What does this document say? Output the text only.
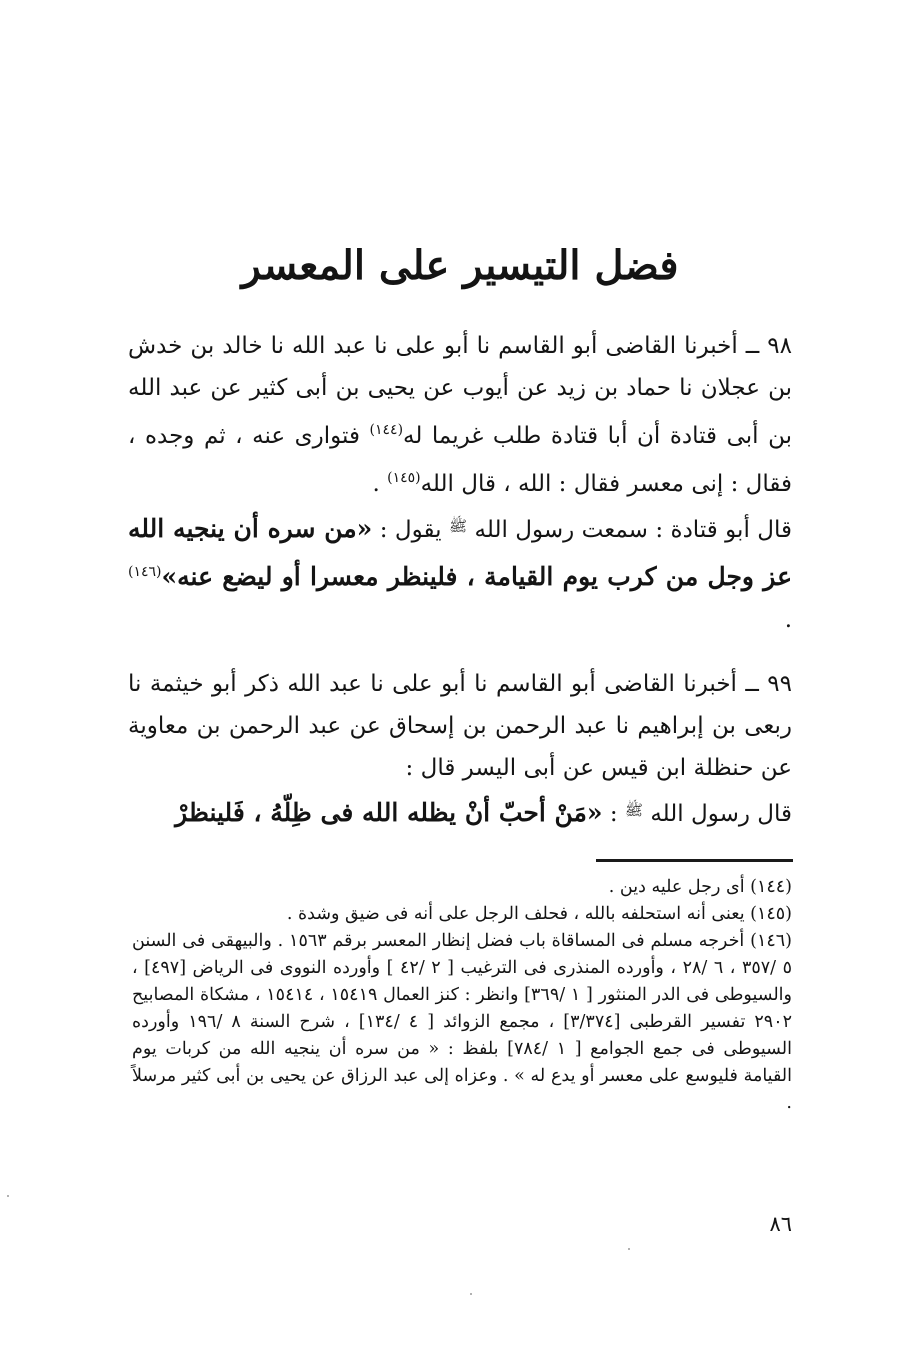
فضل التيسير على المعسر

٩٨ ــ أخبرنا القاضى أبو القاسم نا أبو على نا عبد الله نا خالد بن خدش بن عجلان نا حماد بن زيد عن أيوب عن يحيى بن أبى كثير عن عبد الله بن أبى قتادة أن أبا قتادة طلب غريما له$^{(١٤٤)}$ فتوارى عنه ، ثم وجده ، فقال : إنى معسر فقال : الله ، قال الله$^{(١٤٥)}$ .

قال أبو قتادة : سمعت رسول الله $^ﷺ$ يقول : «من سره أن ينجيه الله عز وجل من كرب يوم القيامة ، فلينظر معسرا أو ليضع عنه»$^{(١٤٦)}$ .

٩٩ ــ أخبرنا القاضى أبو القاسم نا أبو على نا عبد الله ذكر أبو خيثمة نا ربعى بن إبراهيم نا عبد الرحمن بن إسحاق عن عبد الرحمن بن معاوية عن حنظلة ابن قيس عن أبى اليسر قال :

قال رسول الله $^ﷺ$ : «مَنْ أحبّ أنْ يظله الله فى ظِلّهُ ، فَلينظرْ

(١٤٤) أى رجل عليه دين .

(١٤٥) يعنى أنه استحلفه بالله ، فحلف الرجل على أنه فى ضيق وشدة .

(١٤٦) أخرجه مسلم فى المساقاة باب فضل إنظار المعسر برقم ١٥٦٣ . والبيهقى فى السنن ٥ /٣٥٧ ، ٦ /٢٨ ، وأورده المنذرى فى الترغيب [ ٢ /٤٢ ] وأورده النووى فى الرياض [٤٩٧] ، والسيوطى فى الدر المنثور [ ١ /٣٦٩] وانظر : كنز العمال ١٥٤١٩ ، ١٥٤١٤ ، مشكاة المصابيح ٢٩٠٢ تفسير القرطبى [٣/٣٧٤] ، مجمع الزوائد [ ٤ /١٣٤] ، شرح السنة ٨ /١٩٦ وأورده السيوطى فى جمع الجوامع [ ١ /٧٨٤] بلفظ : « من سره أن ينجيه الله من كربات يوم القيامة فليوسع على معسر أو يدع له » . وعزاه إلى عبد الرزاق عن يحيى بن أبى كثير مرسلاً .

٨٦
